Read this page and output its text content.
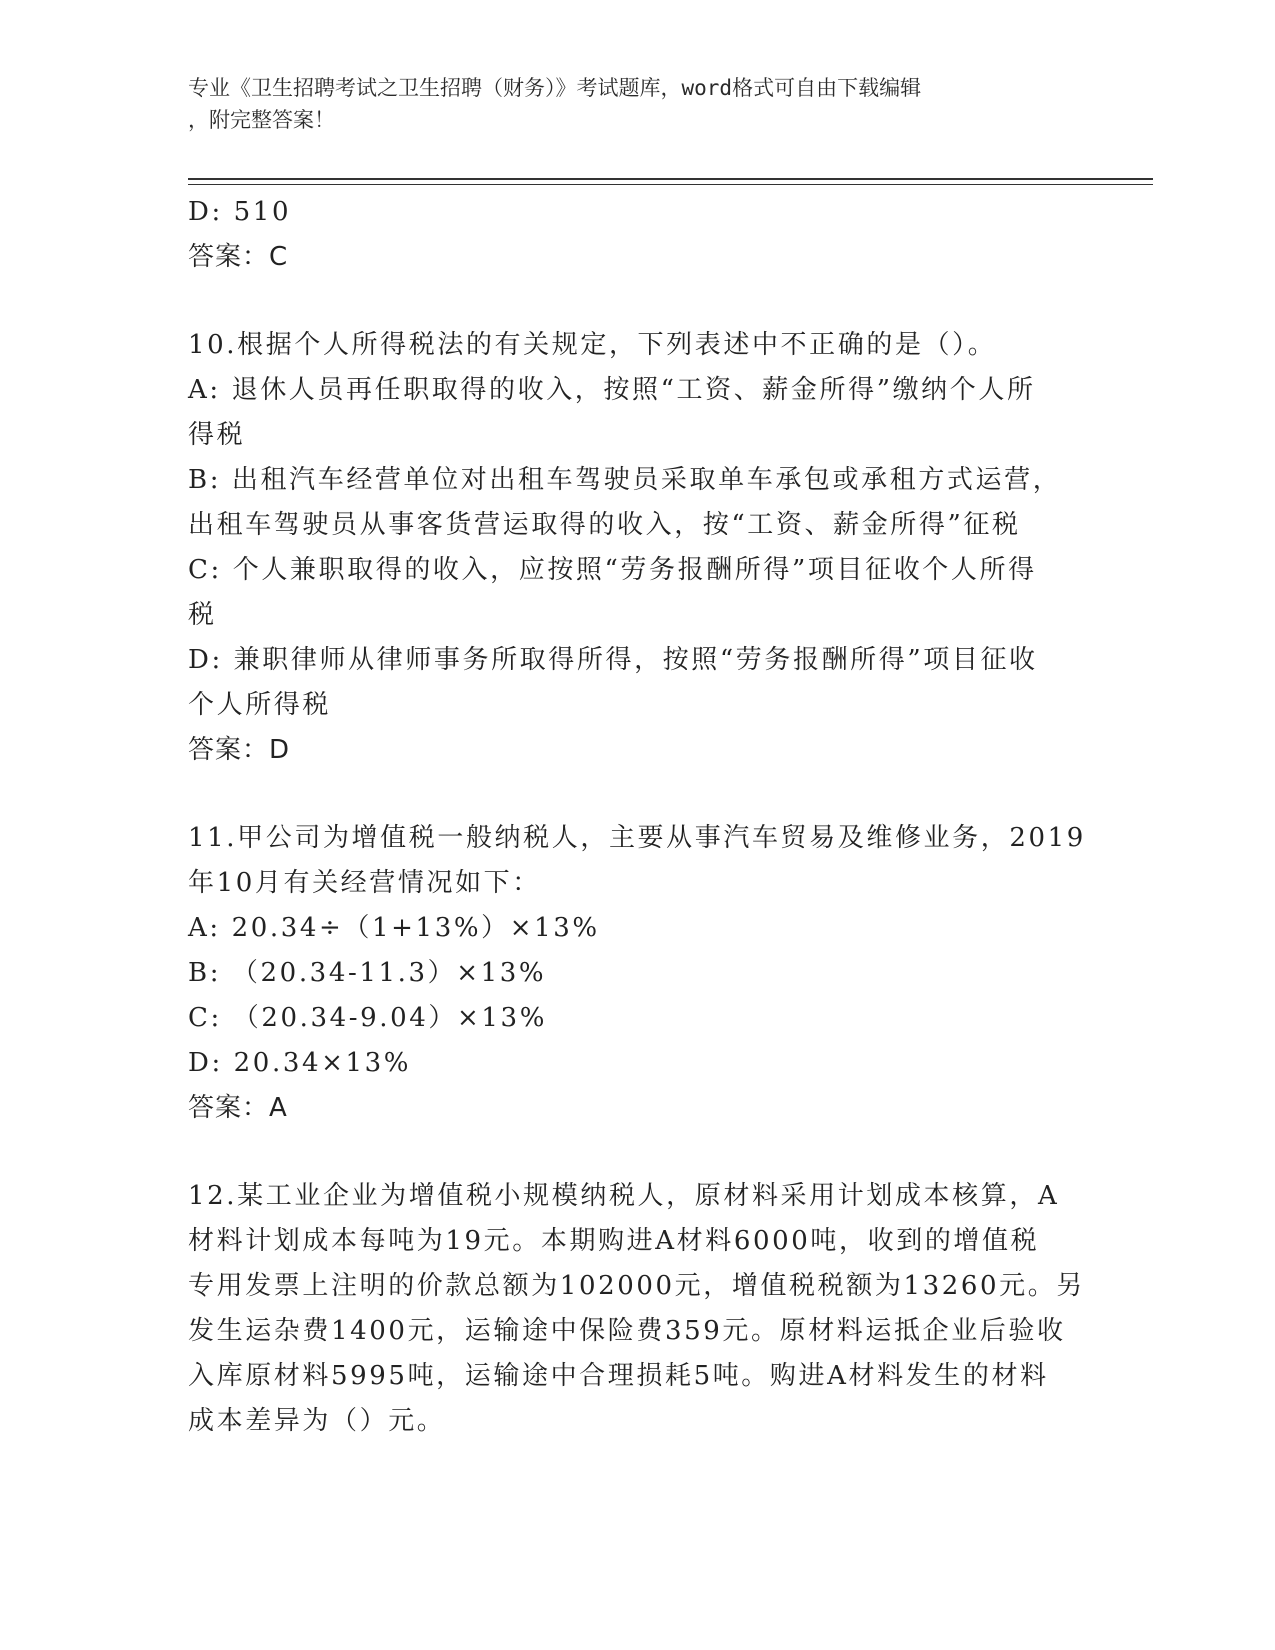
专业《卫生招聘考试之卫生招聘（财务）》考试题库，word格式可自由下载编辑
，附完整答案！
D: 510
答案：C
10.根据个人所得税法的有关规定，下列表述中不正确的是（）。
A: 退休人员再任职取得的收入，按照“工资、薪金所得”缴纳个人所
得税
B: 出租汽车经营单位对出租车驾驶员采取单车承包或承租方式运营，
出租车驾驶员从事客货营运取得的收入，按“工资、薪金所得”征税
C: 个人兼职取得的收入，应按照“劳务报酬所得”项目征收个人所得
税
D: 兼职律师从律师事务所取得所得，按照“劳务报酬所得”项目征收
个人所得税
答案：D
11.甲公司为增值税一般纳税人，主要从事汽车贸易及维修业务，2019
年10月有关经营情况如下：
A: 20.34÷（1+13%）×13%
B: （20.34-11.3）×13%
C: （20.34-9.04）×13%
D: 20.34×13%
答案：A
12.某工业企业为增值税小规模纳税人，原材料采用计划成本核算，A
材料计划成本每吨为19元。本期购进A材料6000吨，收到的增值税
专用发票上注明的价款总额为102000元，增值税税额为13260元。另
发生运杂费1400元，运输途中保险费359元。原材料运抵企业后验收
入库原材料5995吨，运输途中合理损耗5吨。购进A材料发生的材料
成本差异为（）元。
